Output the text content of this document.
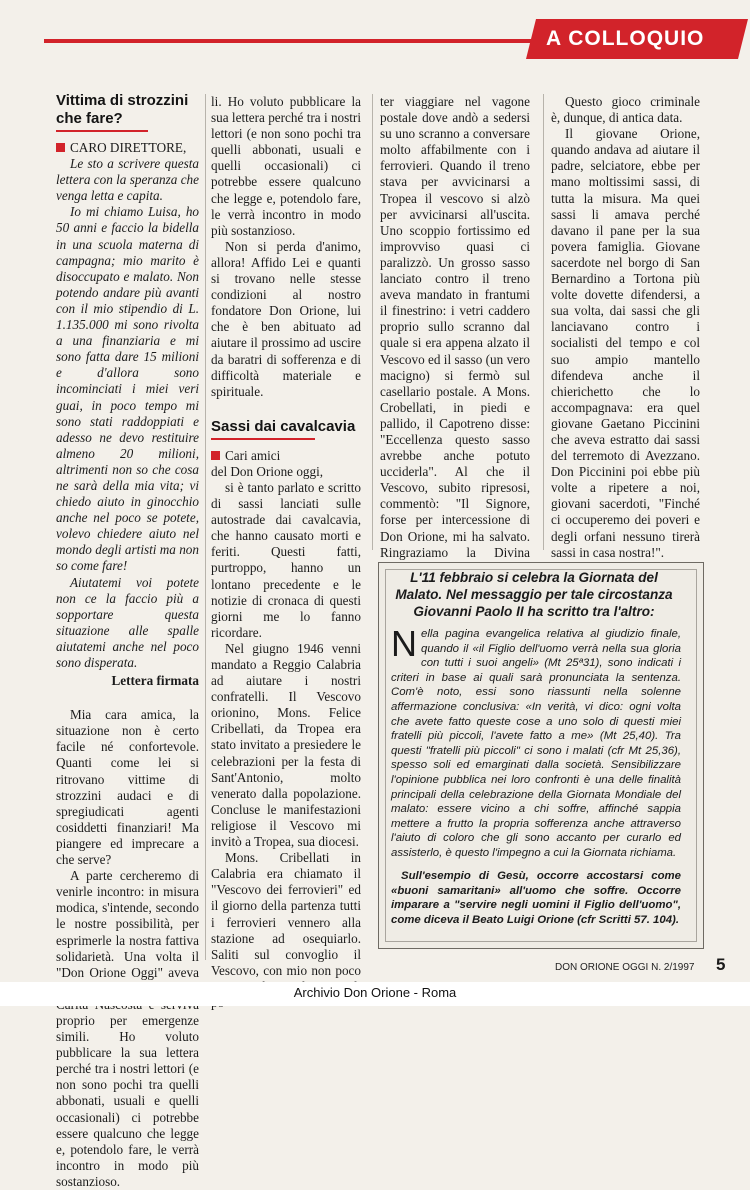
A COLLOQUIO
Vittima di strozzini che fare?

CARO DIRETTORE,

Le sto a scrivere questa lettera con la speranza che venga letta e capita.

Io mi chiamo Luisa, ho 50 anni e faccio la bidella in una scuola materna di campagna; mio marito è disoccupato e malato. Non potendo andare più avanti con il mio stipendio di L. 1.135.000 mi sono rivolta a una finanziaria e mi sono fatta dare 15 milioni e d'allora sono incominciati i miei veri guai, in poco tempo mi sono stati raddoppiati e adesso ne devo restituire almeno 20 milioni, altrimenti non so che cosa ne sarà della mia vita; vi chiedo aiuto in ginocchio anche nel poco se potete, volevo chiedere aiuto nel mondo degli artisti ma non so come fare!

Aiutatemi voi potete non ce la faccio più a sopportare questa situazione alle spalle aiutatemi anche nel poco sono disperata.

Lettera firmata

Mia cara amica, la situazione non è certo facile né confortevole. Quanti come lei si ritrovano vittime di strozzini audaci e di spregiudicati agenti cosiddetti finanziari! Ma piangere ed imprecare a che serve?

A parte cercheremo di venirle incontro: in misura modica, s'intende, secondo le nostre possibilità, per esprimerle la nostra fattiva solidarietà. Una volta il "Don Orione Oggi" aveva proprio per emergenze simili. Ho voluto pubblicare la sua lettera perché tra i nostri lettori (e non sono pochi tra quelli abbonati, usuali e quelli occasionali) ci potrebbe essere qualcuno che legge e, potendolo fare, le verrà incontro in modo più sostanzioso.

li. Ho voluto pubblicare la sua lettera perché tra i nostri lettori (e non sono pochi tra quelli abbonati, usuali e quelli occasionali) ci potrebbe essere qualcuno che legge e, potendolo fare, le verrà incontro in modo più sostanzioso.

Non si perda d'animo, allora! Affido Lei e quanti si trovano nelle stesse condizioni al nostro fondatore Don Orione, lui che è ben abituato ad aiutare il prossimo ad uscire da baratri di sofferenza e di difficoltà materiale e spirituale.

Sassi dai cavalcavia

Cari amici

del Don Orione oggi,

si è tanto parlato e scritto di sassi lanciati sulle autostrade dai cavalcavia, che hanno causato morti e feriti. Questi fatti, purtroppo, hanno un lontano precedente e le notizie di cronaca di questi giorni me lo fanno ricordare.

Nel giugno 1946 venni mandato a Reggio Calabria ad aiutare i nostri confratelli. Il Vescovo orionino, Mons. Felice Cribellati, da Tropea era stato invitato a presiedere le celebrazioni per la festa di Sant'Antonio, molto venerato dalla popolazione. Concluse le manifestazioni religiose il Vescovo mi invitò a Tropea, sua diocesi.

Mons. Cribellati in Calabria era chiamato il "Vescovo dei ferrovieri" ed il giorno della partenza tutti i ferrovieri vennero alla stazione ad osequiarlo. Saliti sul convoglio il Vescovo, con mio non poco

ter viaggiare nel vagone postale dove andò a sedersi su uno scranno a conversare molto affabilmente con i ferrovieri. Quando il treno stava per avvicinarsi a Tropea il vescovo si alzò per avvicinarsi all'uscita. Uno scoppio fortissimo ed improvviso quasi ci paralizzò. Un grosso sasso lanciato contro il treno aveva mandato in frantumi il finestrino: i vetri caddero proprio sullo scranno dal quale si era appena alzato il Vescovo ed il sasso (un vero macigno) si fermò sul casellario postale. A Mons. Crobellati, in piedi e pallido, il Capotreno disse: "Eccellenza questo sasso avrebbe anche potuto ucciderla". Al che il Vescovo, subito ripresosi, commentò: "Il Signore, forse per intercessione di Don Orione, mi ha salvato. Ringraziamo la Divina

Questo gioco criminale è, dunque, di antica data.

Il giovane Orione, quando andava ad aiutare il padre, selciatore, ebbe per mano moltissimi sassi, di tutta la misura. Ma quei sassi li amava perché davano il pane per la sua povera famiglia. Giovane sacerdote nel borgo di San Bernardino a Tortona più volte dovette difendersi, a sua volta, dai sassi che gli lanciavano contro i socialisti del tempo e col suo ampio mantello difendeva anche il chierichetto che lo accompagnava: era quel giovane Gaetano Piccinini che aveva estratto dai sassi del terremoto di Avezzano. Don Piccinini poi ebbe più volte a ripetere a noi, giovani sacerdoti, "Finché ci occuperemo dei poveri e degli orfani nessuno tirerà sassi in casa nostra!".

L'11 febbraio si celebra la Giornata del Malato. Nel messaggio per tale circostanza Giovanni Paolo II ha scritto tra l'altro:
Nella pagina evangelica relativa al giudizio finale, quando il «il Figlio dell'uomo verrà nella sua gloria con tutti i suoi angeli» (Mt 25ª31), sono indicati i criteri in base ai quali sarà pronunciata la sentenza. Com'è noto, essi sono riassunti nella solenne affermazione conclusiva: «In verità, vi dico: ogni volta che avete fatto queste cose a uno solo di questi miei fratelli più piccoli, l'avete fatto a me» (Mt 25,40). Tra questi "fratelli più piccoli" ci sono i malati (cfr Mt 25,36), spesso soli ed emarginati dalla società. Sensibilizzare l'opinione pubblica nei loro confronti è una delle finalità principali della celebrazione della Giornata Mondiale del malato: essere vicino a chi soffre, affinché sappia mettere a frutto la propria sofferenza anche attraverso l'aiuto di coloro che gli sono accanto per curarlo ed assisterlo, è questo l'impegno a cui la Giornata richiama.

Sull'esempio di Gesù, occorre accostarsi come «buoni samaritani» all'uomo che soffre. Occorre imparare a "servire negli uomini il Figlio dell'uomo", come diceva il Beato Luigi Orione (cfr Scritti 57. 104).

DON ORIONE OGGI N. 2/1997	5
Archivio Don Orione - Roma
